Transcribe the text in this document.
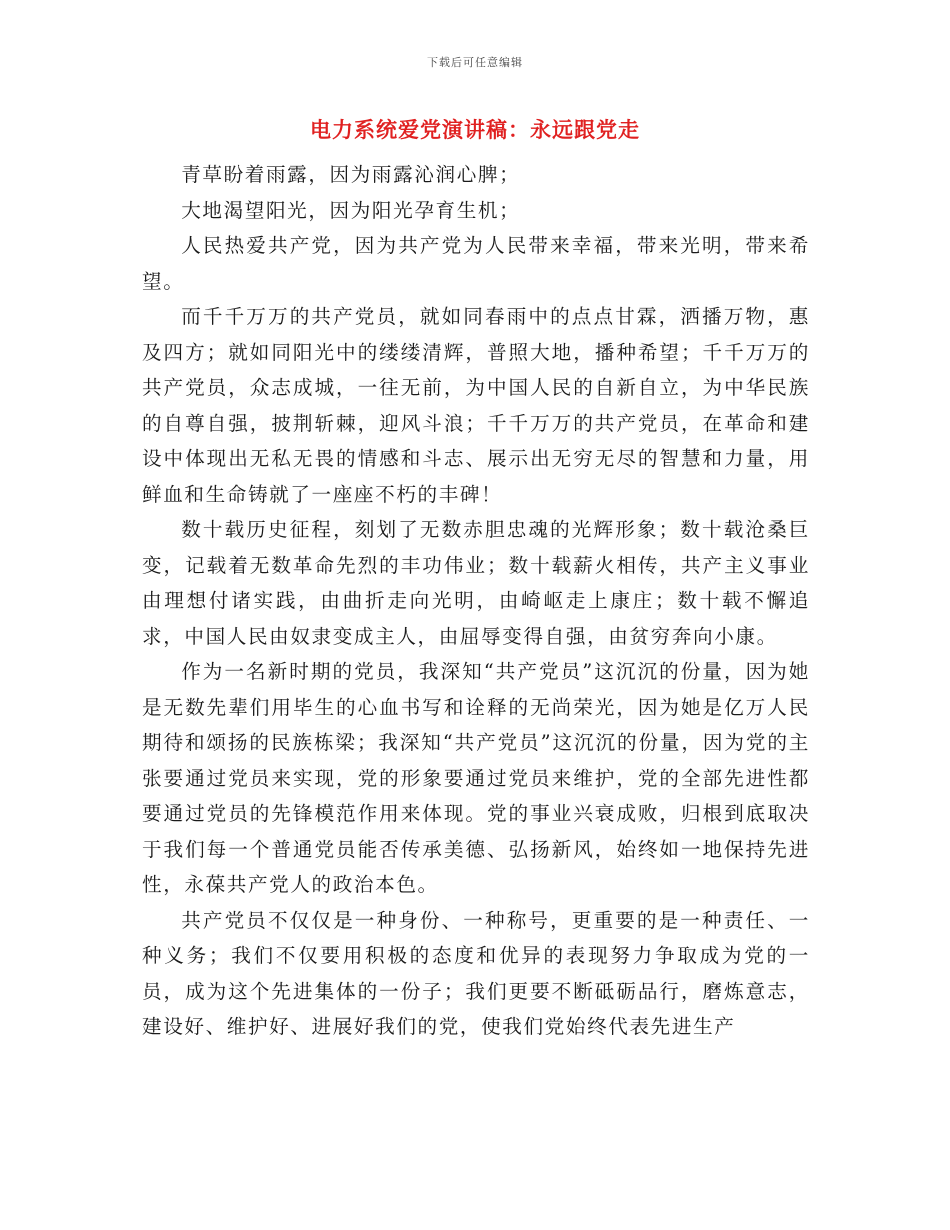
下载后可任意编辑
电力系统爱党演讲稿：永远跟党走

青草盼着雨露，因为雨露沁润心脾；

大地渴望阳光，因为阳光孕育生机；

人民热爱共产党，因为共产党为人民带来幸福，带来光明，带来希望。

而千千万万的共产党员，就如同春雨中的点点甘霖，洒播万物，惠及四方；就如同阳光中的缕缕清辉，普照大地，播种希望；千千万万的共产党员，众志成城，一往无前，为中国人民的自新自立，为中华民族的自尊自强，披荆斩棘，迎风斗浪；千千万万的共产党员，在革命和建设中体现出无私无畏的情感和斗志、展示出无穷无尽的智慧和力量，用鲜血和生命铸就了一座座不朽的丰碑！

数十载历史征程，刻划了无数赤胆忠魂的光辉形象；数十载沧桑巨变，记载着无数革命先烈的丰功伟业；数十载薪火相传，共产主义事业由理想付诸实践，由曲折走向光明，由崎岖走上康庄；数十载不懈追求，中国人民由奴隶变成主人，由屈辱变得自强，由贫穷奔向小康。

作为一名新时期的党员，我深知“共产党员”这沉沉的份量，因为她是无数先辈们用毕生的心血书写和诠释的无尚荣光，因为她是亿万人民期待和颂扬的民族栋梁；我深知“共产党员”这沉沉的份量，因为党的主张要通过党员来实现，党的形象要通过党员来维护，党的全部先进性都要通过党员的先锋模范作用来体现。党的事业兴衰成败，归根到底取决于我们每一个普通党员能否传承美德、弘扬新风，始终如一地保持先进性，永葆共产党人的政治本色。

共产党员不仅仅是一种身份、一种称号，更重要的是一种责任、一种义务；我们不仅要用积极的态度和优异的表现努力争取成为党的一员，成为这个先进集体的一份子；我们更要不断砥砺品行，磨炼意志，建设好、维护好、进展好我们的党，使我们党始终代表先进生产
